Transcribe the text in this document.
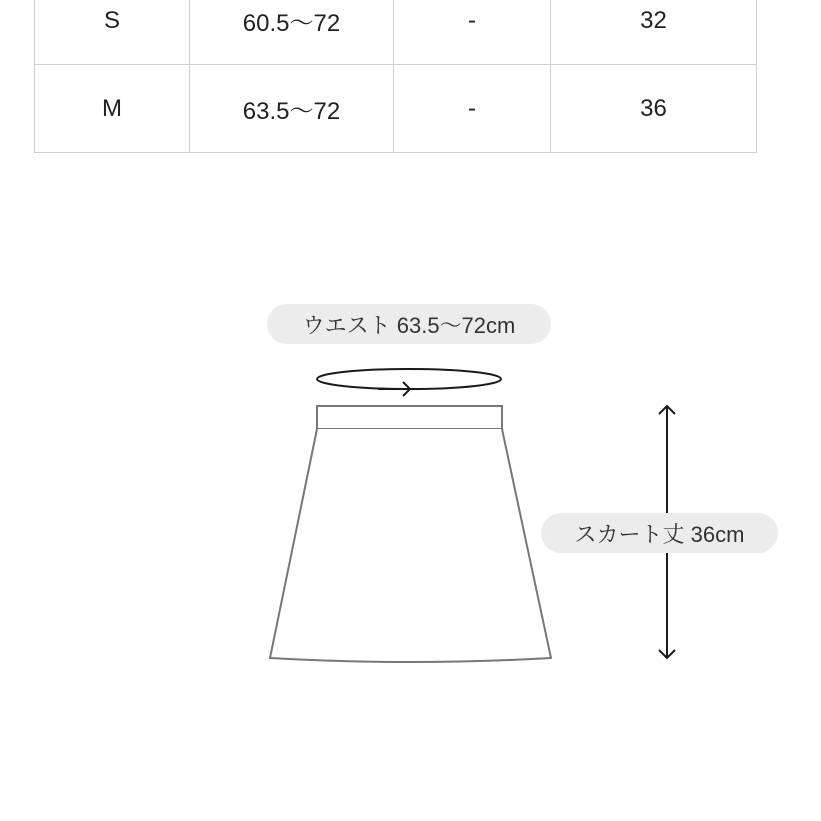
S	60.5〜72	-	32
M	63.5〜72	-	36
ウエスト 63.5〜72cm
スカート丈 36cm
